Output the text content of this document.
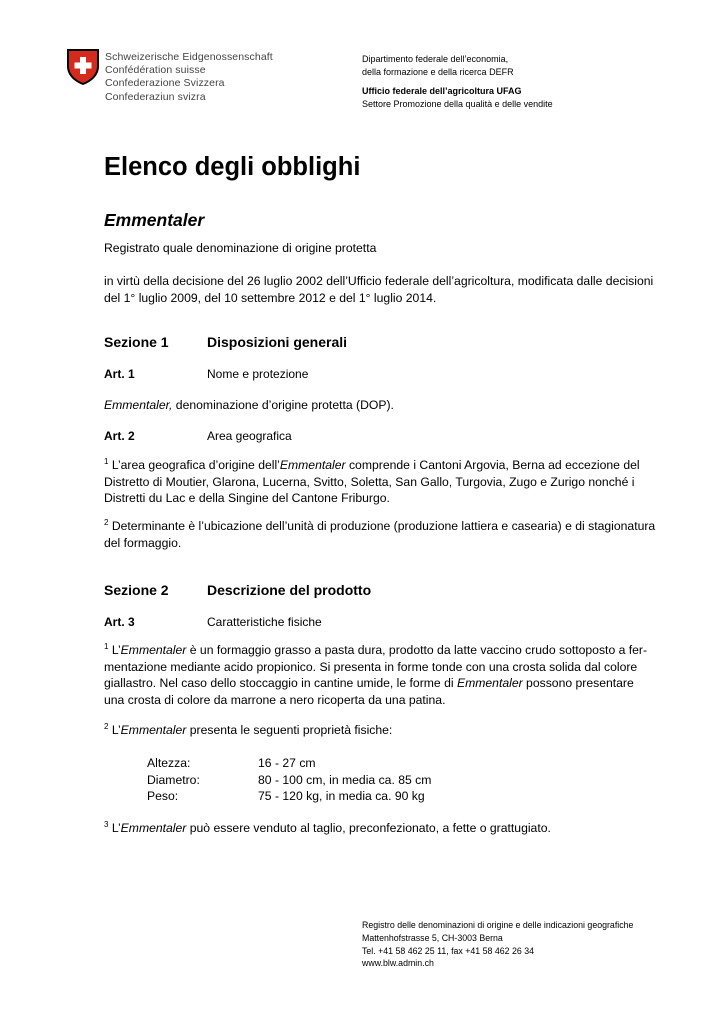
Schweizerische Eidgenossenschaft
Confédération suisse
Confederazione Svizzera
Confederaziun svizra
Dipartimento federale dell’economia,
della formazione e della ricerca DEFR
Ufficio federale dell’agricoltura UFAG
Settore Promozione della qualità e delle vendite
Elenco degli obblighi
Emmentaler
Registrato quale denominazione di origine protetta
in virtù della decisione del 26 luglio 2002 dell’Ufficio federale dell’agricoltura, modificata dalle decisioni
del 1° luglio 2009, del 10 settembre 2012 e del 1° luglio 2014.
Sezione 1	Disposizioni generali
Art. 1	Nome e protezione
Emmentaler, denominazione d’origine protetta (DOP).
Art. 2	Area geografica
$^1$ L’area geografica d’origine dell’Emmentaler comprende i Cantoni Argovia, Berna ad eccezione del
Distretto di Moutier, Glarona, Lucerna, Svitto, Soletta, San Gallo, Turgovia, Zugo e Zurigo nonché i
Distretti du Lac e della Singine del Cantone Friburgo.
$^2$ Determinante è l’ubicazione dell’unità di produzione (produzione lattiera e casearia) e di stagionatura
del formaggio.
Sezione 2	Descrizione del prodotto
Art. 3	Caratteristiche fisiche
$^1$ L’Emmentaler è un formaggio grasso a pasta dura, prodotto da latte vaccino crudo sottoposto a fer-
mentazione mediante acido propionico. Si presenta in forme tonde con una crosta solida dal colore
giallastro. Nel caso dello stoccaggio in cantine umide, le forme di Emmentaler possono presentare
una crosta di colore da marrone a nero ricoperta da una patina.
$^2$ L’Emmentaler presenta le seguenti proprietà fisiche:
Altezza:	16 - 27 cm
Diametro:	80 - 100 cm, in media ca. 85 cm
Peso:	75 - 120 kg, in media ca. 90 kg
$^3$ L’Emmentaler può essere venduto al taglio, preconfezionato, a fette o grattugiato.
Registro delle denominazioni di origine e delle indicazioni geografiche
Mattenhofstrasse 5, CH-3003 Berna
Tel. +41 58 462 25 11, fax +41 58 462 26 34
www.blw.admin.ch
